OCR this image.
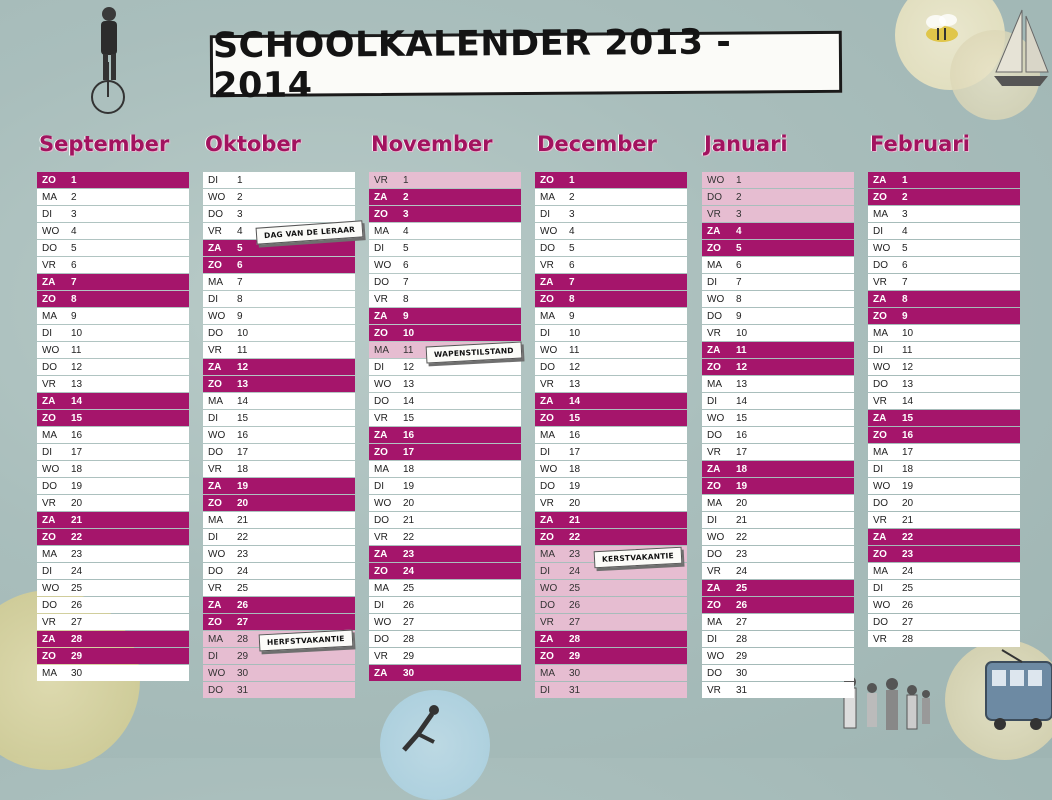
SCHOOLKALENDER 2013 - 2014
September
ZO	1
MA	2
DI	3
WO	4
DO	5
VR	6
ZA	7
ZO	8
MA	9
DI	10
WO	11
DO	12
VR	13
ZA	14
ZO	15
MA	16
DI	17
WO	18
DO	19
VR	20
ZA	21
ZO	22
MA	23
DI	24
WO	25
DO	26
VR	27
ZA	28
ZO	29
MA	30
Oktober
DI	1
WO	2
DO	3
VR	4
ZA	5
ZO	6
MA	7
DI	8
WO	9
DO	10
VR	11
ZA	12
ZO	13
MA	14
DI	15
WO	16
DO	17
VR	18
ZA	19
ZO	20
MA	21
DI	22
WO	23
DO	24
VR	25
ZA	26
ZO	27
MA	28
DI	29
WO	30
DO	31
November
VR	1
ZA	2
ZO	3
MA	4
DI	5
WO	6
DO	7
VR	8
ZA	9
ZO	10
MA	11
DI	12
WO	13
DO	14
VR	15
ZA	16
ZO	17
MA	18
DI	19
WO	20
DO	21
VR	22
ZA	23
ZO	24
MA	25
DI	26
WO	27
DO	28
VR	29
ZA	30
December
ZO	1
MA	2
DI	3
WO	4
DO	5
VR	6
ZA	7
ZO	8
MA	9
DI	10
WO	11
DO	12
VR	13
ZA	14
ZO	15
MA	16
DI	17
WO	18
DO	19
VR	20
ZA	21
ZO	22
MA	23
DI	24
WO	25
DO	26
VR	27
ZA	28
ZO	29
MA	30
DI	31
Januari
WO	1
DO	2
VR	3
ZA	4
ZO	5
MA	6
DI	7
WO	8
DO	9
VR	10
ZA	11
ZO	12
MA	13
DI	14
WO	15
DO	16
VR	17
ZA	18
ZO	19
MA	20
DI	21
WO	22
DO	23
VR	24
ZA	25
ZO	26
MA	27
DI	28
WO	29
DO	30
VR	31
Februari
ZA	1
ZO	2
MA	3
DI	4
WO	5
DO	6
VR	7
ZA	8
ZO	9
MA	10
DI	11
WO	12
DO	13
VR	14
ZA	15
ZO	16
MA	17
DI	18
WO	19
DO	20
VR	21
ZA	22
ZO	23
MA	24
DI	25
WO	26
DO	27
VR	28
DAG VAN DE LERAAR
HERFSTVAKANTIE
WAPENSTILSTAND
KERSTVAKANTIE
